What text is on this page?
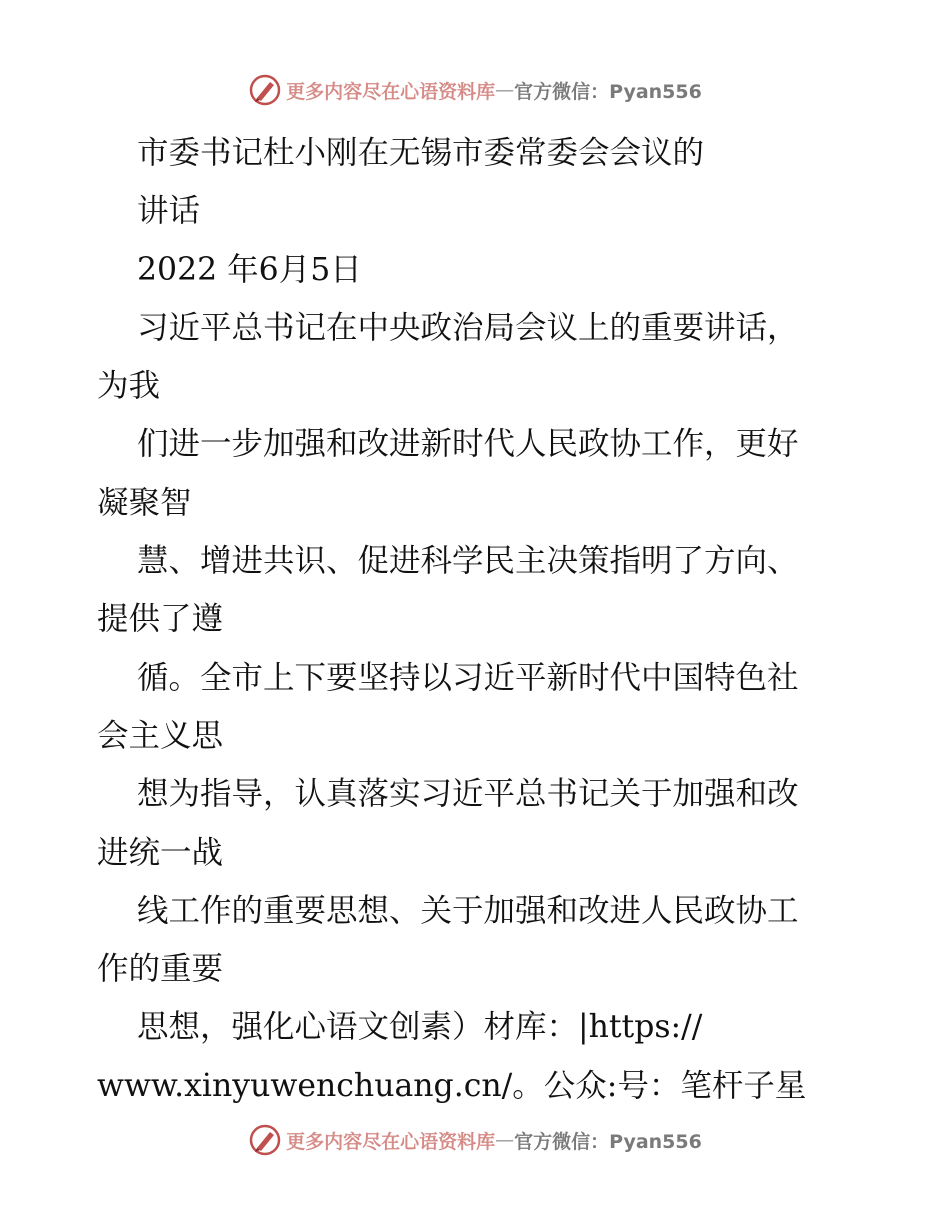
更多内容尽在心语资料库 — 官方微信：Pyan556
市委书记杜小刚在无锡市委常委会会议的
讲话
2022 年6月5日
习近平总书记在中央政治局会议上的重要讲话，
为我
们进一步加强和改进新时代人民政协工作，更好
凝聚智
慧、增进共识、促进科学民主决策指明了方向、
提供了遵
循。全市上下要坚持以习近平新时代中国特色社
会主义思
想为指导，认真落实习近平总书记关于加强和改
进统一战
线工作的重要思想、关于加强和改进人民政协工
作的重要
思想，强化心语文创素）材库：|https://
www.xinyuwenchuang.cn/。公众:号：笔杆子星
更多内容尽在心语资料库 — 官方微信：Pyan556
